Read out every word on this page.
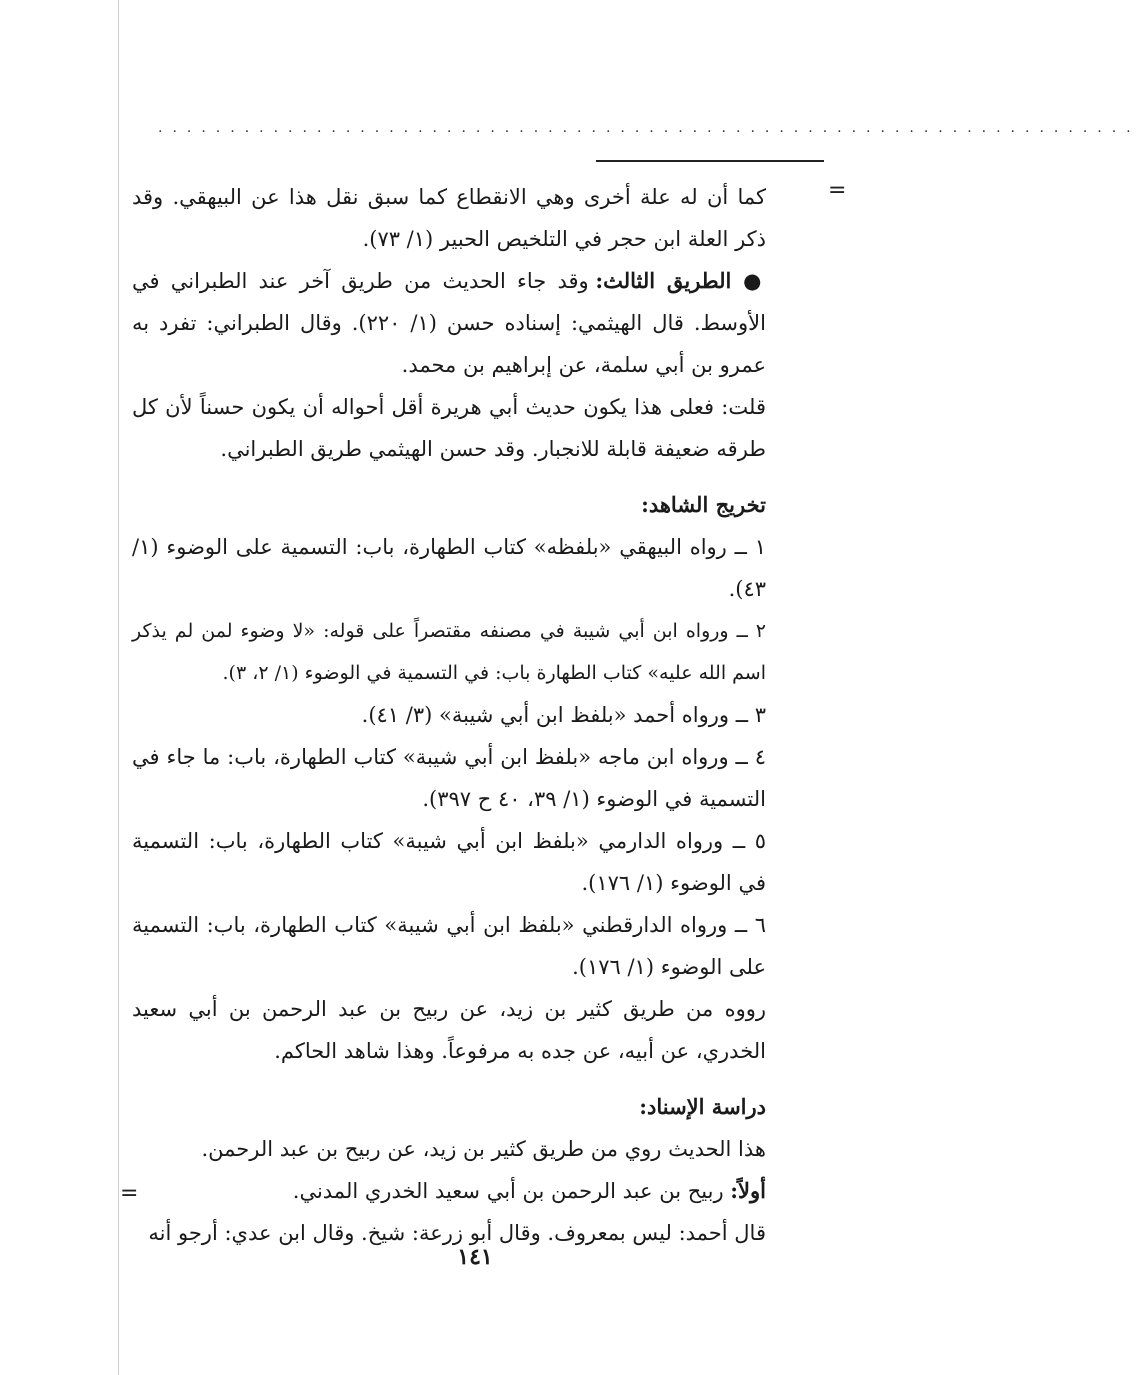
....................................................................
=
=

كما أن له علة أخرى وهي الانقطاع كما سبق نقل هذا عن البيهقي. وقد ذكر العلة ابن حجر في التلخيص الحبير (١/ ٧٣).

● الطريق الثالث: وقد جاء الحديث من طريق آخر عند الطبراني في الأوسط. قال الهيثمي: إسناده حسن (١/ ٢٢٠). وقال الطبراني: تفرد به عمرو بن أبي سلمة، عن إبراهيم بن محمد.

قلت: فعلى هذا يكون حديث أبي هريرة أقل أحواله أن يكون حسناً لأن كل طرقه ضعيفة قابلة للانجبار. وقد حسن الهيثمي طريق الطبراني.

تخريج الشاهد:

١ ــ رواه البيهقي «بلفظه» كتاب الطهارة، باب: التسمية على الوضوء (١/ ٤٣).

٢ ــ ورواه ابن أبي شيبة في مصنفه مقتصراً على قوله: «لا وضوء لمن لم يذكر اسم الله عليه» كتاب الطهارة باب: في التسمية في الوضوء (١/ ٢، ٣).

٣ ــ ورواه أحمد «بلفظ ابن أبي شيبة» (٣/ ٤١).

٤ ــ ورواه ابن ماجه «بلفظ ابن أبي شيبة» كتاب الطهارة، باب: ما جاء في التسمية في الوضوء (١/ ٣٩، ٤٠ ح ٣٩٧).

٥ ــ ورواه الدارمي «بلفظ ابن أبي شيبة» كتاب الطهارة، باب: التسمية في الوضوء (١/ ١٧٦).

٦ ــ ورواه الدارقطني «بلفظ ابن أبي شيبة» كتاب الطهارة، باب: التسمية على الوضوء (١/ ١٧٦).

رووه من طريق كثير بن زيد، عن ربيح بن عبد الرحمن بن أبي سعيد الخدري، عن أبيه، عن جده به مرفوعاً. وهذا شاهد الحاكم.

دراسة الإسناد:

هذا الحديث روي من طريق كثير بن زيد، عن ربيح بن عبد الرحمن.

أولاً: ربيح بن عبد الرحمن بن أبي سعيد الخدري المدني.

قال أحمد: ليس بمعروف. وقال أبو زرعة: شيخ. وقال ابن عدي: أرجو أنه

١٤١
